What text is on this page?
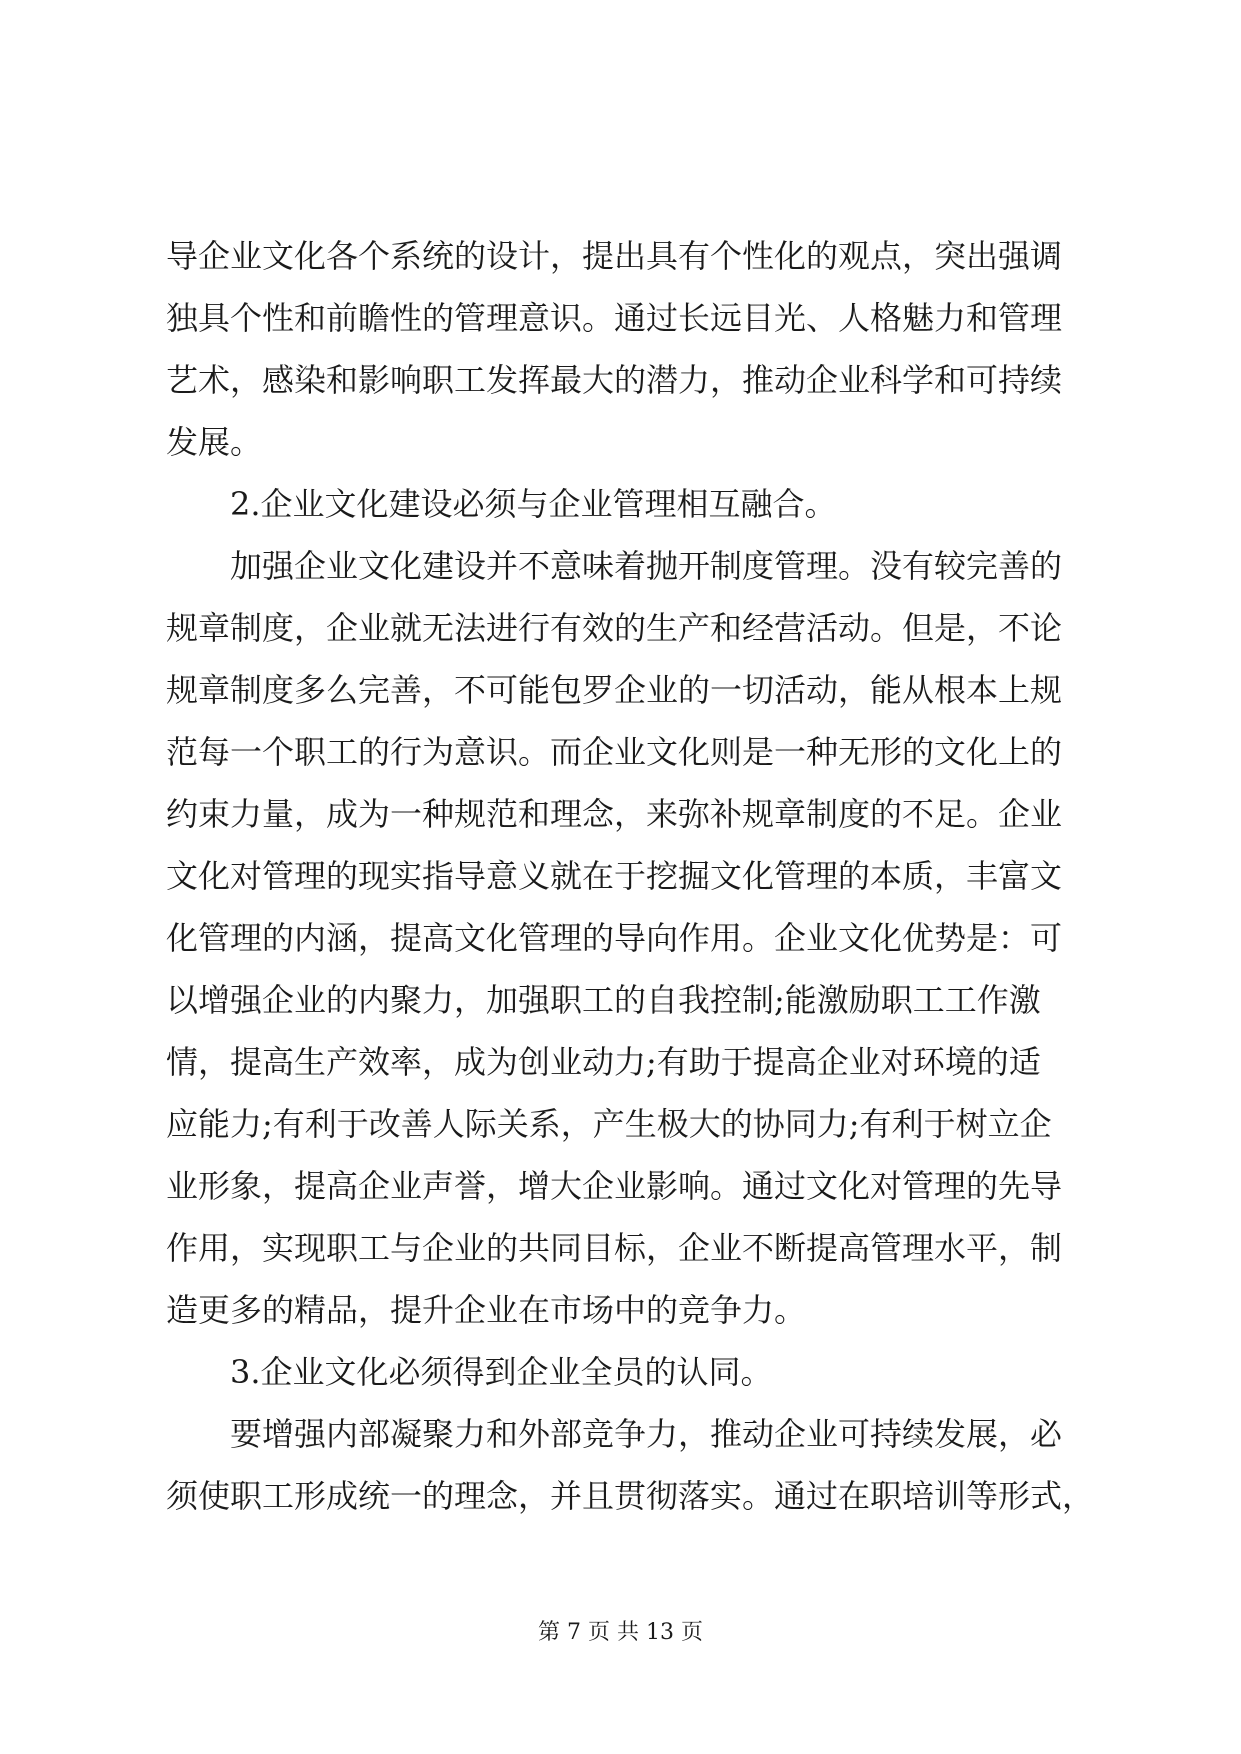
导企业文化各个系统的设计，提出具有个性化的观点，突出强调
独具个性和前瞻性的管理意识。通过长远目光、人格魅力和管理
艺术，感染和影响职工发挥最大的潜力，推动企业科学和可持续
发展。
2.企业文化建设必须与企业管理相互融合。
加强企业文化建设并不意味着抛开制度管理。没有较完善的
规章制度，企业就无法进行有效的生产和经营活动。但是，不论
规章制度多么完善，不可能包罗企业的一切活动，能从根本上规
范每一个职工的行为意识。而企业文化则是一种无形的文化上的
约束力量，成为一种规范和理念，来弥补规章制度的不足。企业
文化对管理的现实指导意义就在于挖掘文化管理的本质，丰富文
化管理的内涵，提高文化管理的导向作用。企业文化优势是：可
以增强企业的内聚力，加强职工的自我控制;能激励职工工作激
情，提高生产效率，成为创业动力;有助于提高企业对环境的适
应能力;有利于改善人际关系，产生极大的协同力;有利于树立企
业形象，提高企业声誉，增大企业影响。通过文化对管理的先导
作用，实现职工与企业的共同目标，企业不断提高管理水平，制
造更多的精品，提升企业在市场中的竞争力。
3.企业文化必须得到企业全员的认同。
要增强内部凝聚力和外部竞争力，推动企业可持续发展，必
须使职工形成统一的理念，并且贯彻落实。通过在职培训等形式，
第 7 页 共 13 页
